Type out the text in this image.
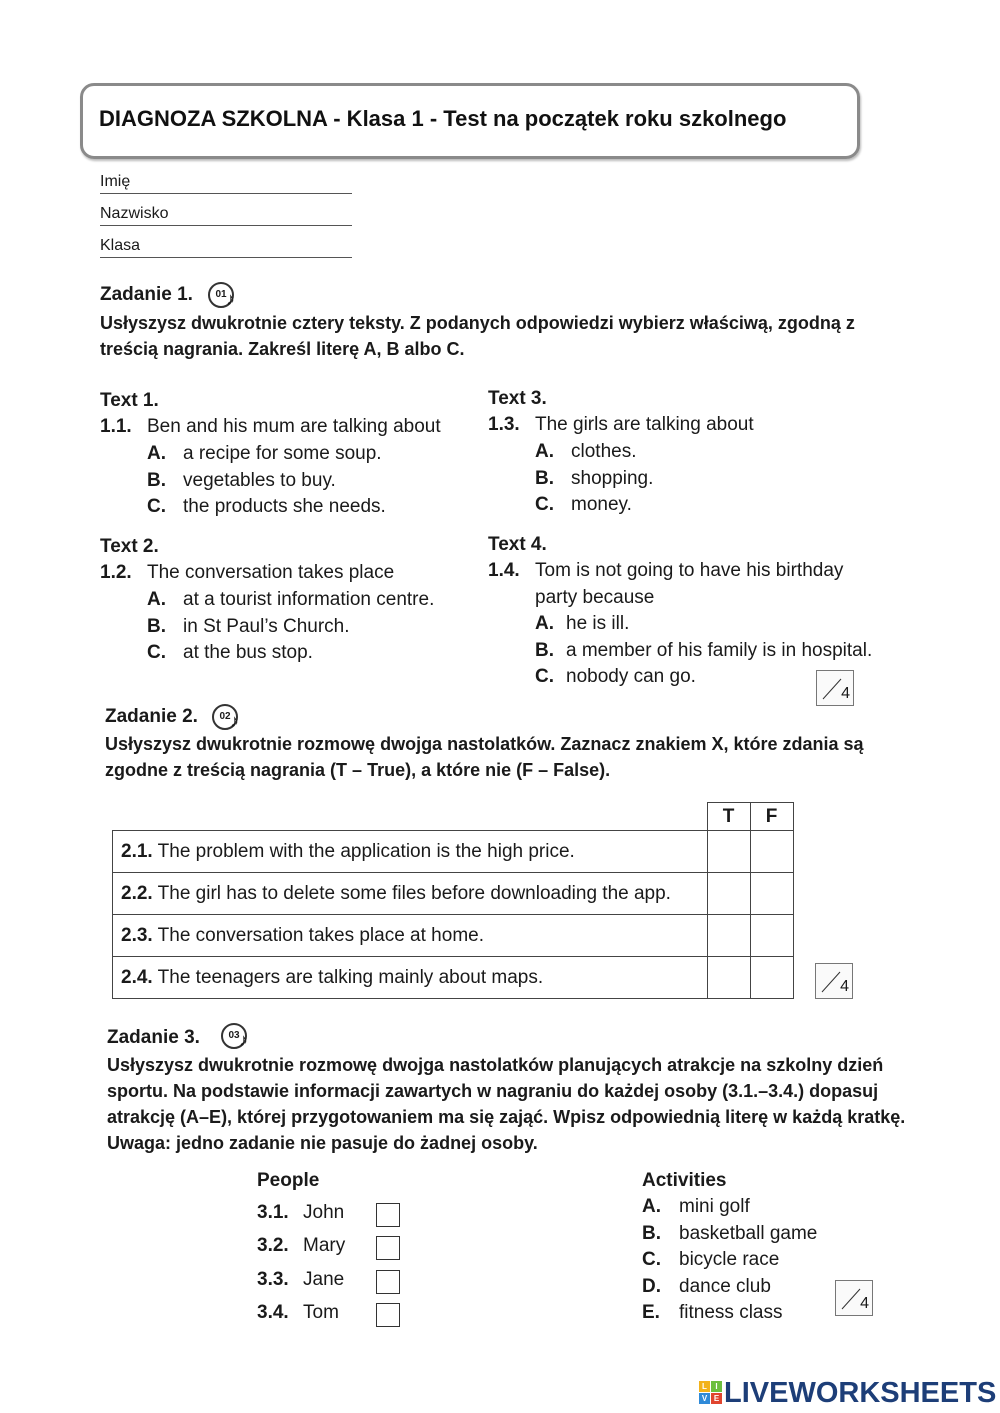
DIAGNOZA SZKOLNA - Klasa 1 - Test na początek roku szkolnego
Imię
Nazwisko
Klasa
Zadanie 1.	01 ♪
Usłyszysz dwukrotnie cztery teksty. Z podanych odpowiedzi wybierz właściwą, zgodną z treścią nagrania. Zakreśl literę A, B albo C.
Text 1.
1.1. Ben and his mum are talking about
A. a recipe for some soup.
B. vegetables to buy.
C. the products she needs.
Text 2.
1.2. The conversation takes place
A. at a tourist information centre.
B. in St Paul’s Church.
C. at the bus stop.
Text 3.
1.3. The girls are talking about
A. clothes.
B. shopping.
C. money.
Text 4.
1.4. Tom is not going to have his birthday
party because
A. he is ill.
B. a member of his family is in hospital.
C. nobody can go.
4
Zadanie 2.	02 ♪
Usłyszysz dwukrotnie rozmowę dwojga nastolatków. Zaznacz znakiem X, które zdania są zgodne z treścią nagrania (T – True), a które nie (F – False).
	T	F
2.1. The problem with the application is the high price.		
2.2. The girl has to delete some files before downloading the app.		
2.3. The conversation takes place at home.		
2.4. The teenagers are talking mainly about maps.			4
Zadanie 3.	03 ♪
Usłyszysz dwukrotnie rozmowę dwojga nastolatków planujących atrakcje na szkolny dzień sportu. Na podstawie informacji zawartych w nagraniu do każdej osoby (3.1.–3.4.) dopasuj atrakcję (A–E), której przygotowaniem ma się zająć. Wpisz odpowiednią literę w każdą kratkę. Uwaga: jedno zadanie nie pasuje do żadnej osoby.
People	Activities
3.1. John
3.2. Mary
3.3. Jane
3.4. Tom
A. mini golf
B. basketball game
C. bicycle race
D. dance club
E. fitness class	4
L	I
V E LIVEWORKSHEETS
